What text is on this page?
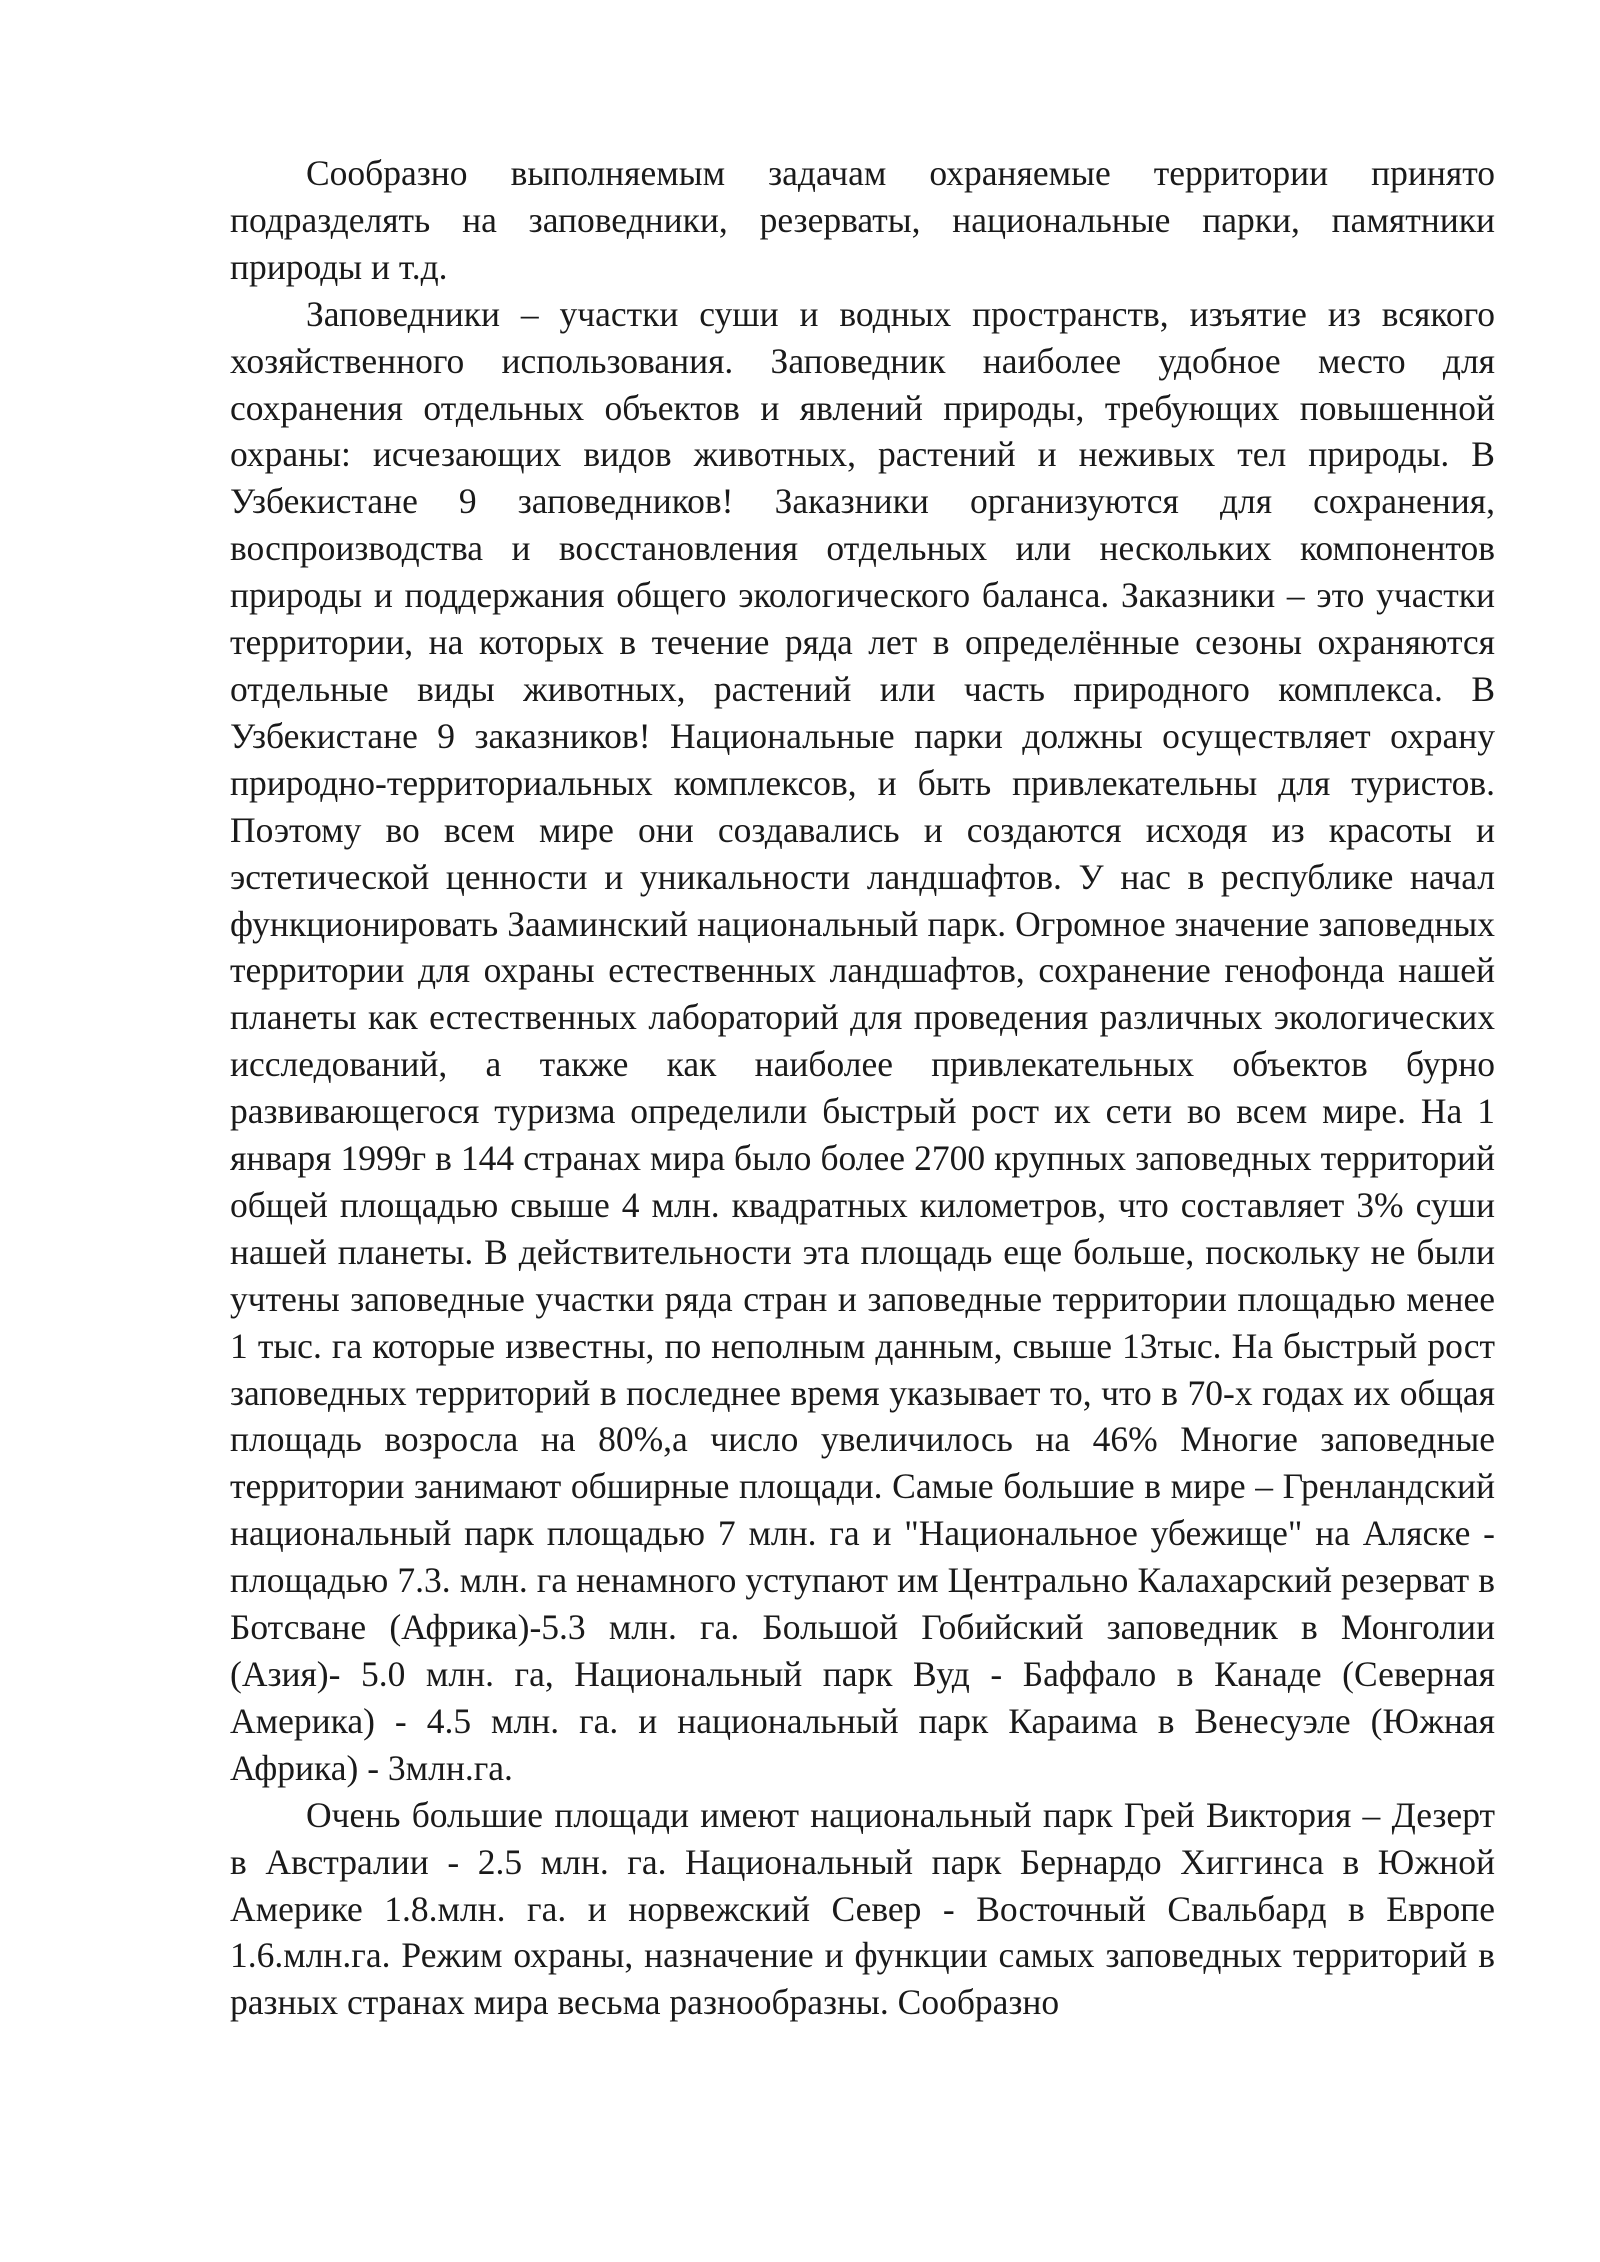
Сообразно выполняемым задачам охраняемые территории принято подразделять на заповедники, резерваты, национальные парки, памятники природы и т.д.

Заповедники – участки суши и водных пространств, изъятие из всякого хозяйственного использования. Заповедник наиболее удобное место для сохранения отдельных объектов и явлений природы, требующих повышенной охраны: исчезающих видов животных, растений и неживых тел природы. В Узбекистане 9 заповедников! Заказники организуются для сохранения, воспроизводства и восстановления отдельных или нескольких компонентов природы и поддержания общего экологического баланса. Заказники – это участки территории, на которых в течение ряда лет в определённые сезоны охраняются отдельные виды животных, растений или часть природного комплекса. В Узбекистане 9 заказников! Национальные парки должны осуществляет охрану природно-территориальных комплексов, и быть привлекательны для туристов. Поэтому во всем мире они создавались и создаются исходя из красоты и эстетической ценности и уникальности ландшафтов. У нас в республике начал функционировать Зааминский национальный парк. Огромное значение заповедных территории для охраны естественных ландшафтов, сохранение генофонда нашей планеты как естественных лабораторий для проведения различных экологических исследований, а также как наиболее привлекательных объектов бурно развивающегося туризма определили быстрый рост их сети во всем мире. На 1 января 1999г в 144 странах мира было более 2700 крупных заповедных территорий общей площадью свыше 4 млн. квадратных километров, что составляет 3% суши нашей планеты. В действительности эта площадь еще больше, поскольку не были учтены заповедные участки ряда стран и заповедные территории площадью менее 1 тыс. га которые известны, по неполным данным, свыше 13тыс. На быстрый рост заповедных территорий в последнее время указывает то, что в 70-х годах их общая площадь возросла на 80%,а число увеличилось на 46% Многие заповедные территории занимают обширные площади. Самые большие в мире – Гренландский национальный парк площадью 7 млн. га и "Национальное убежище" на Аляске - площадью 7.3. млн. га ненамного уступают им Центрально Калахарский резерват в Ботсване (Африка)-5.3 млн. га. Большой Гобийский заповедник в Монголии (Азия)- 5.0 млн. га, Национальный парк Вуд - Баффало в Канаде (Северная Америка) - 4.5 млн. га. и национальный парк Караима в Венесуэле (Южная Африка) - 3млн.га.

Очень большие площади имеют национальный парк Грей Виктория – Дезерт в Австралии - 2.5 млн. га. Национальный парк Бернардо Хиггинса в Южной Америке 1.8.млн. га. и норвежский Север - Восточный Свальбард в Европе 1.6.млн.га. Режим охраны, назначение и функции самых заповедных территорий в разных странах мира весьма разнообразны. Сообразно
